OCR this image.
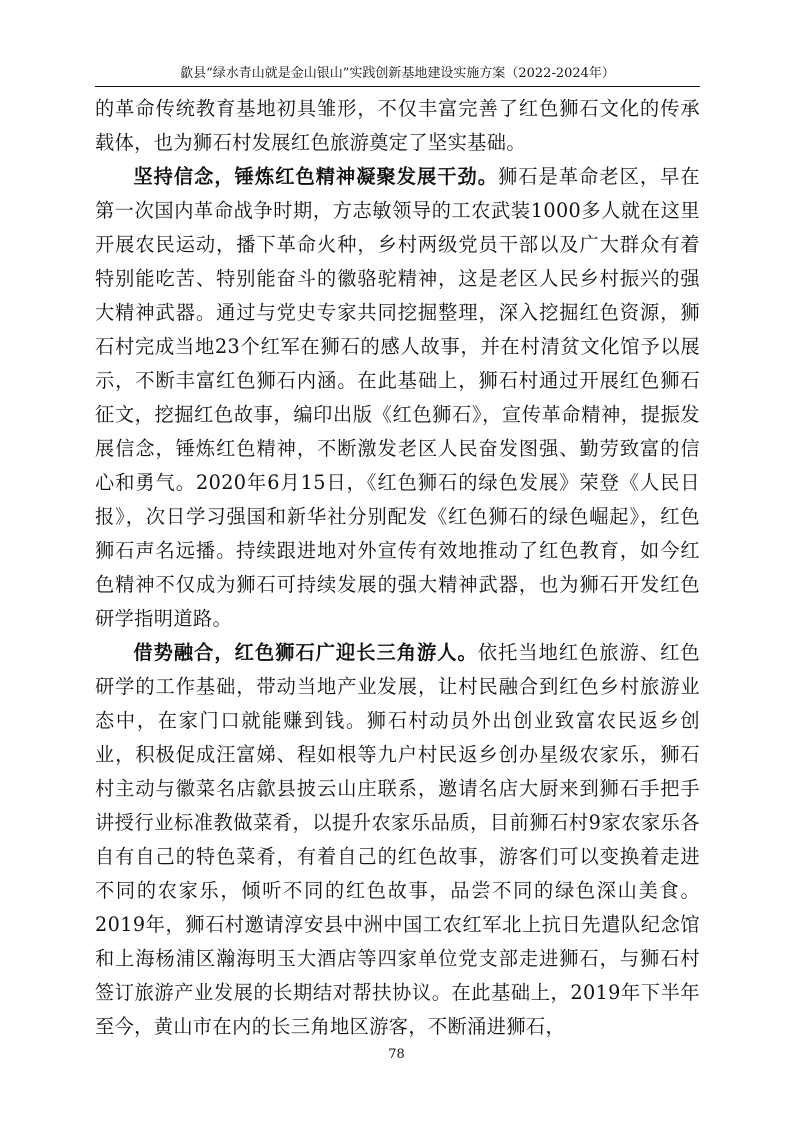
歙县“绿水青山就是金山银山”实践创新基地建设实施方案（2022-2024年）

的革命传统教育基地初具雏形，不仅丰富完善了红色狮石文化的传承载体，也为狮石村发展红色旅游奠定了坚实基础。

坚持信念，锤炼红色精神凝聚发展干劲。狮石是革命老区，早在第一次国内革命战争时期，方志敏领导的工农武装1000多人就在这里开展农民运动，播下革命火种，乡村两级党员干部以及广大群众有着特别能吃苦、特别能奋斗的徽骆驼精神，这是老区人民乡村振兴的强大精神武器。通过与党史专家共同挖掘整理，深入挖掘红色资源，狮石村完成当地23个红军在狮石的感人故事，并在村清贫文化馆予以展示，不断丰富红色狮石内涵。在此基础上，狮石村通过开展红色狮石征文，挖掘红色故事，编印出版《红色狮石》，宣传革命精神，提振发展信念，锤炼红色精神，不断激发老区人民奋发图强、勤劳致富的信心和勇气。2020年6月15日，《红色狮石的绿色发展》荣登《人民日报》，次日学习强国和新华社分别配发《红色狮石的绿色崛起》，红色狮石声名远播。持续跟进地对外宣传有效地推动了红色教育，如今红色精神不仅成为狮石可持续发展的强大精神武器，也为狮石开发红色研学指明道路。

借势融合，红色狮石广迎长三角游人。依托当地红色旅游、红色研学的工作基础，带动当地产业发展，让村民融合到红色乡村旅游业态中，在家门口就能赚到钱。狮石村动员外出创业致富农民返乡创业，积极促成汪富娣、程如根等九户村民返乡创办星级农家乐，狮石村主动与徽菜名店歙县披云山庄联系，邀请名店大厨来到狮石手把手讲授行业标准教做菜肴，以提升农家乐品质，目前狮石村9家农家乐各自有自己的特色菜肴，有着自己的红色故事，游客们可以变换着走进不同的农家乐，倾听不同的红色故事，品尝不同的绿色深山美食。2019年，狮石村邀请淳安县中洲中国工农红军北上抗日先遣队纪念馆和上海杨浦区瀚海明玉大酒店等四家单位党支部走进狮石，与狮石村签订旅游产业发展的长期结对帮扶协议。在此基础上，2019年下半年至今，黄山市在内的长三角地区游客，不断涌进狮石，

78
